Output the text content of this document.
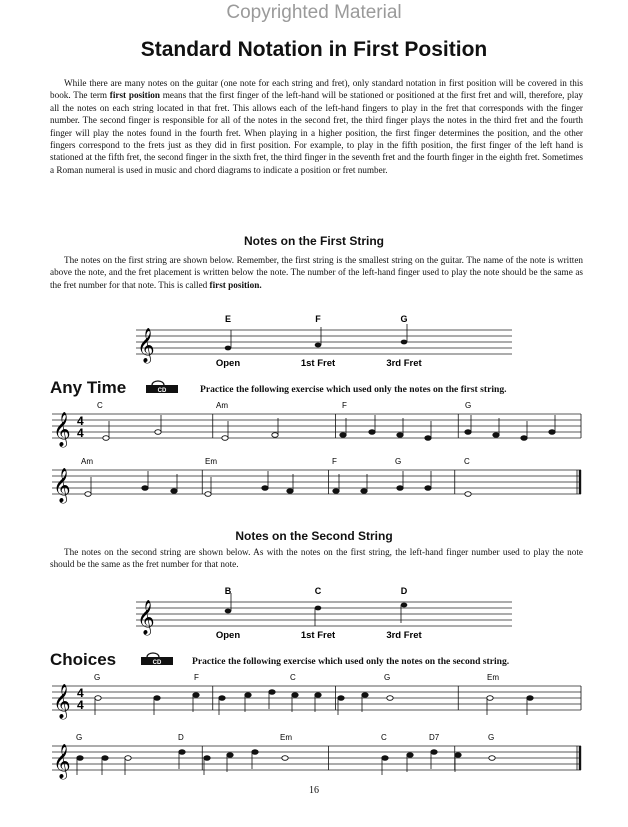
Copyrighted Material
Standard Notation in First Position
While there are many notes on the guitar (one note for each string and fret), only standard notation in first position will be covered in this book. The term first position means that the first finger of the left-hand will be stationed or positioned at the first fret and will, therefore, play all the notes on each string located in that fret. This allows each of the left-hand fingers to play in the fret that corresponds with the finger number. The second finger is responsible for all of the notes in the second fret, the third finger plays the notes in the third fret and the fourth finger will play the notes found in the fourth fret. When playing in a higher position, the first finger determines the position, and the other fingers correspond to the frets just as they did in first position. For example, to play in the fifth position, the first finger of the left hand is stationed at the fifth fret, the second finger in the sixth fret, the third finger in the seventh fret and the fourth finger in the eighth fret. Sometimes a Roman numeral is used in music and chord diagrams to indicate a position or fret number.
Notes on the First String
The notes on the first string are shown below. Remember, the first string is the smallest string on the guitar. The name of the note is written above the note, and the fret placement is written below the note. The number of the left-hand finger used to play the note should be the same as the fret number for that note. This is called first position.
𝄞
E
Open
F
1st Fret
G
3rd Fret
Any Time	CD	Practice the following exercise which used only the notes on the first string.
𝄞 4
4
C	Am	F	G
𝄞
Am	Em	F	G	C
Notes on the Second String
The notes on the second string are shown below. As with the notes on the first string, the left-hand finger number used to play the note should be the same as the fret number for that note.
𝄞
B
Open
C
1st Fret
D
3rd Fret
Choices	CD	Practice the following exercise which used only the notes on the second string.
𝄞 4
4
G	F	C	G	Em
𝄞
G	D	Em	C	D7	G
16
